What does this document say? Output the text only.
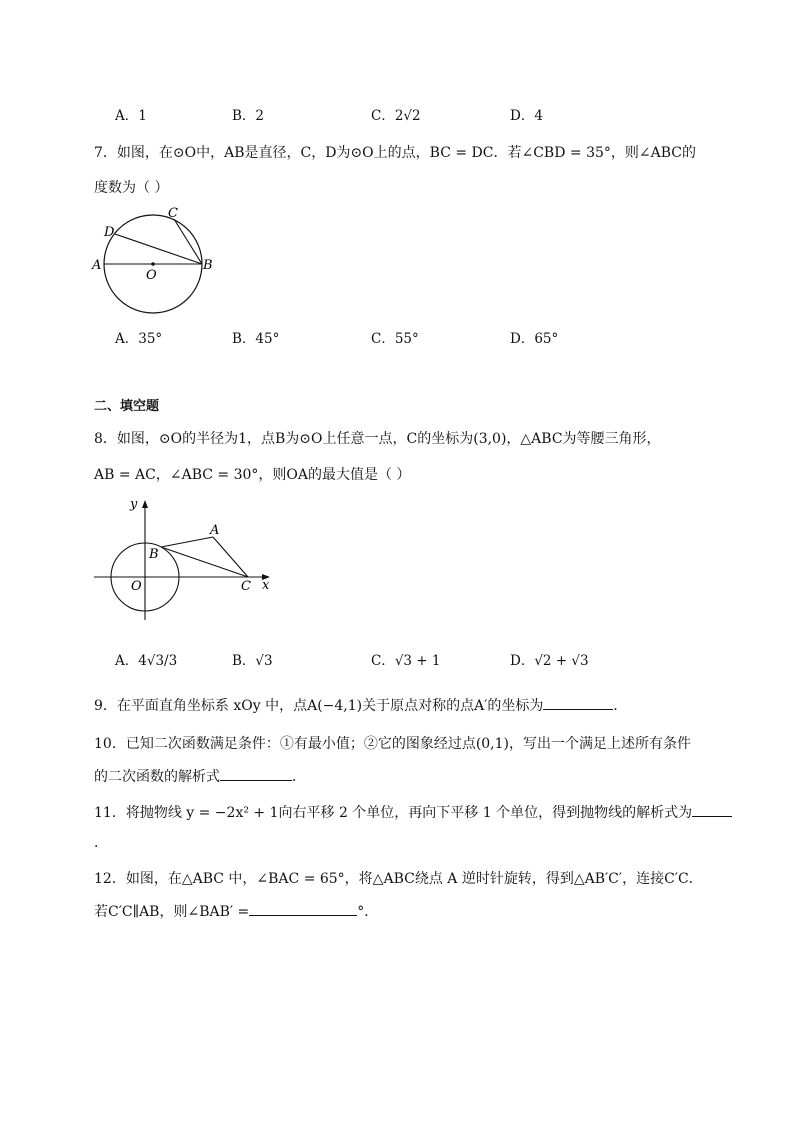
A．1	B．2	C．2√2	D．4
7．如图，在⊙O中，AB是直径，C，D为⊙O上的点，BC = DC．若∠CBD = 35°，则∠ABC的
度数为（ ）
A	B
C
D
O
A．35°	B．45°	C．55°	D．65°
二、填空题
8．如图，⊙O的半径为1，点B为⊙O上任意一点，C的坐标为(3,0)，△ABC为等腰三角形，
AB = AC，∠ABC = 30°，则OA的最大值是（ ）
y
x
A
B
O	C
A．4√3/3	B．√3	C．√3 + 1	D．√2 + √3
9．在平面直角坐标系 xOy 中，点A(−4,1)关于原点对称的点A′的坐标为	．
10．已知二次函数满足条件：①有最小值；②它的图象经过点(0,1)，写出一个满足上述所有条件
的二次函数的解析式	．
11．将抛物线 y = −2x² + 1向右平移 2 个单位，再向下平移 1 个单位，得到抛物线的解析式为
．
12．如图，在△ABC 中，∠BAC = 65°，将△ABC绕点 A 逆时针旋转，得到△AB′C′，连接C′C．
若C′C∥AB，则∠BAB′ =	°．
